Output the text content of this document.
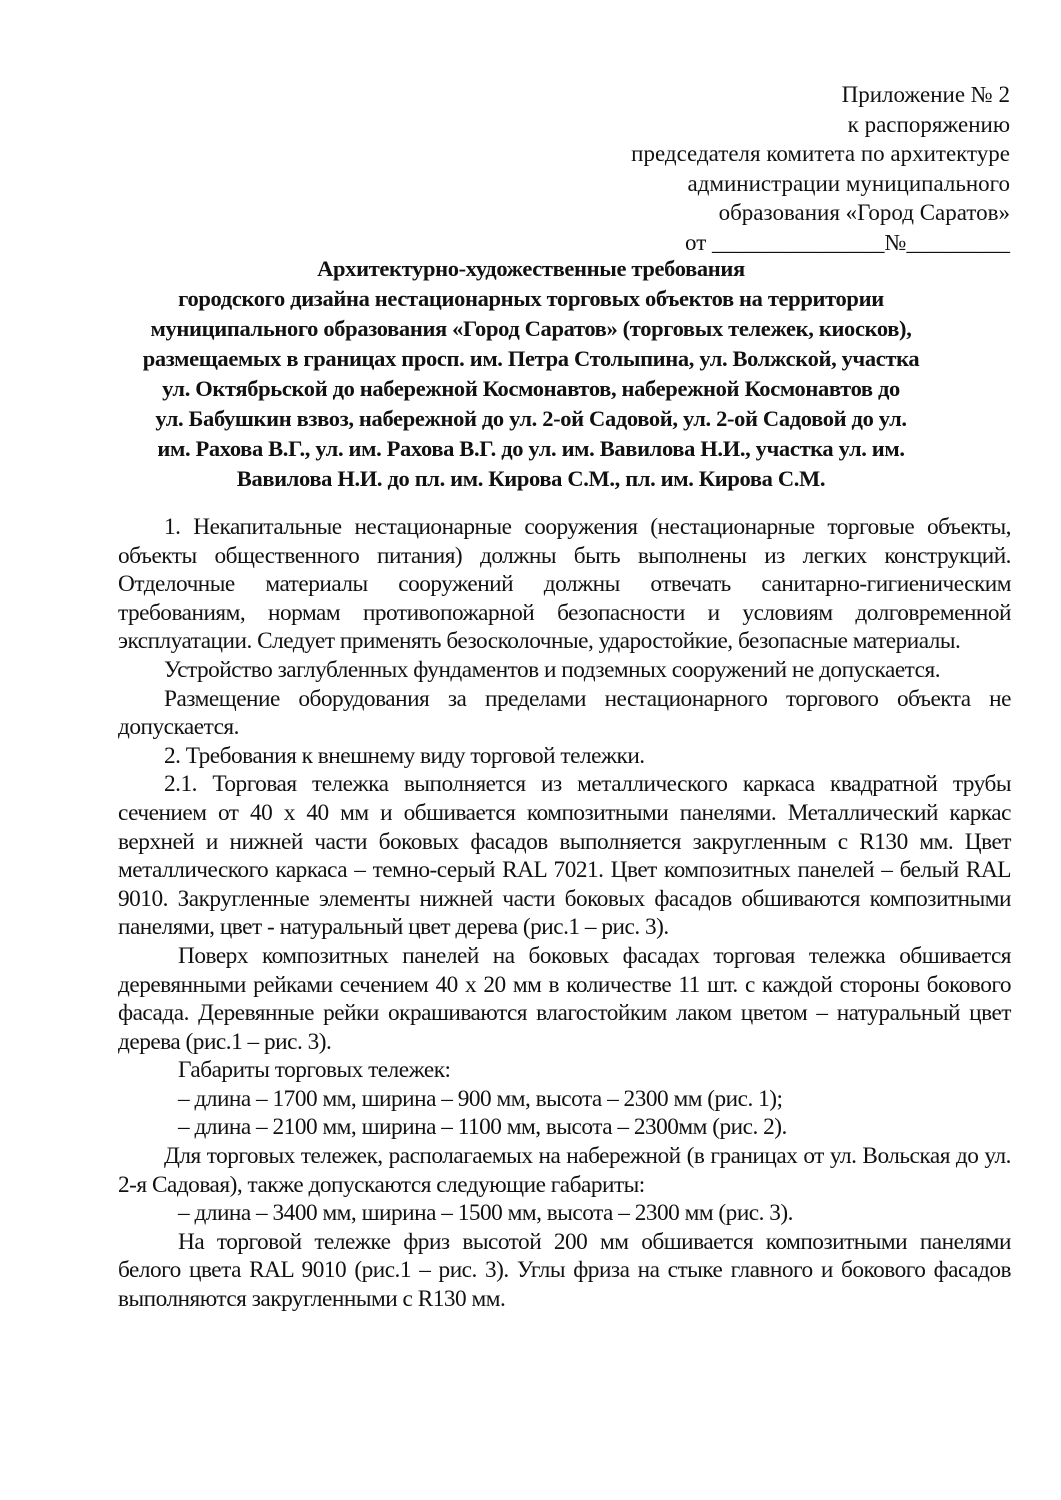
Приложение № 2
к распоряжению
председателя комитета по архитектуре
администрации муниципального
образования «Город Саратов»
от _______________№_________
Архитектурно-художественные требования
городского дизайна нестационарных торговых объектов на территории
муниципального образования «Город Саратов» (торговых тележек, киосков),
размещаемых в границах просп. им. Петра Столыпина, ул. Волжской, участка
ул. Октябрьской до набережной Космонавтов, набережной Космонавтов до
ул. Бабушкин взвоз, набережной до ул. 2-ой Садовой, ул. 2-ой Садовой до ул.
им. Рахова В.Г., ул. им. Рахова В.Г. до ул. им. Вавилова Н.И., участка ул. им.
Вавилова Н.И. до пл. им. Кирова С.М., пл. им. Кирова С.М.

1. Некапитальные нестационарные сооружения (нестационарные торговые объекты, объекты общественного питания) должны быть выполнены из легких конструкций. Отделочные материалы сооружений должны отвечать санитарно-гигиеническим требованиям, нормам противопожарной безопасности и условиям долговременной эксплуатации. Следует применять безосколочные, ударостойкие, безопасные материалы.

Устройство заглубленных фундаментов и подземных сооружений не допускается.

Размещение оборудования за пределами нестационарного торгового объекта не допускается.

2. Требования к внешнему виду торговой тележки.

2.1. Торговая тележка выполняется из металлического каркаса квадратной трубы сечением от 40 х 40 мм и обшивается композитными панелями. Металлический каркас верхней и нижней части боковых фасадов выполняется закругленным с R130 мм. Цвет металлического каркаса – темно-серый RAL 7021. Цвет композитных панелей – белый RAL 9010. Закругленные элементы нижней части боковых фасадов обшиваются композитными панелями, цвет - натуральный цвет дерева (рис.1 – рис. 3).

Поверх композитных панелей на боковых фасадах торговая тележка обшивается деревянными рейками сечением 40 х 20 мм в количестве 11 шт. с каждой стороны бокового фасада. Деревянные рейки окрашиваются влагостойким лаком цветом – натуральный цвет дерева (рис.1 – рис. 3).

Габариты торговых тележек:

– длина – 1700 мм, ширина – 900 мм, высота – 2300 мм (рис. 1);

– длина – 2100 мм, ширина – 1100 мм, высота – 2300мм (рис. 2).

Для торговых тележек, располагаемых на набережной (в границах от ул. Вольская до ул. 2-я Садовая), также допускаются следующие габариты:

– длина – 3400 мм, ширина – 1500 мм, высота – 2300 мм (рис. 3).

На торговой тележке фриз высотой 200 мм обшивается композитными панелями белого цвета RAL 9010 (рис.1 – рис. 3). Углы фриза на стыке главного и бокового фасадов выполняются закругленными с R130 мм.
